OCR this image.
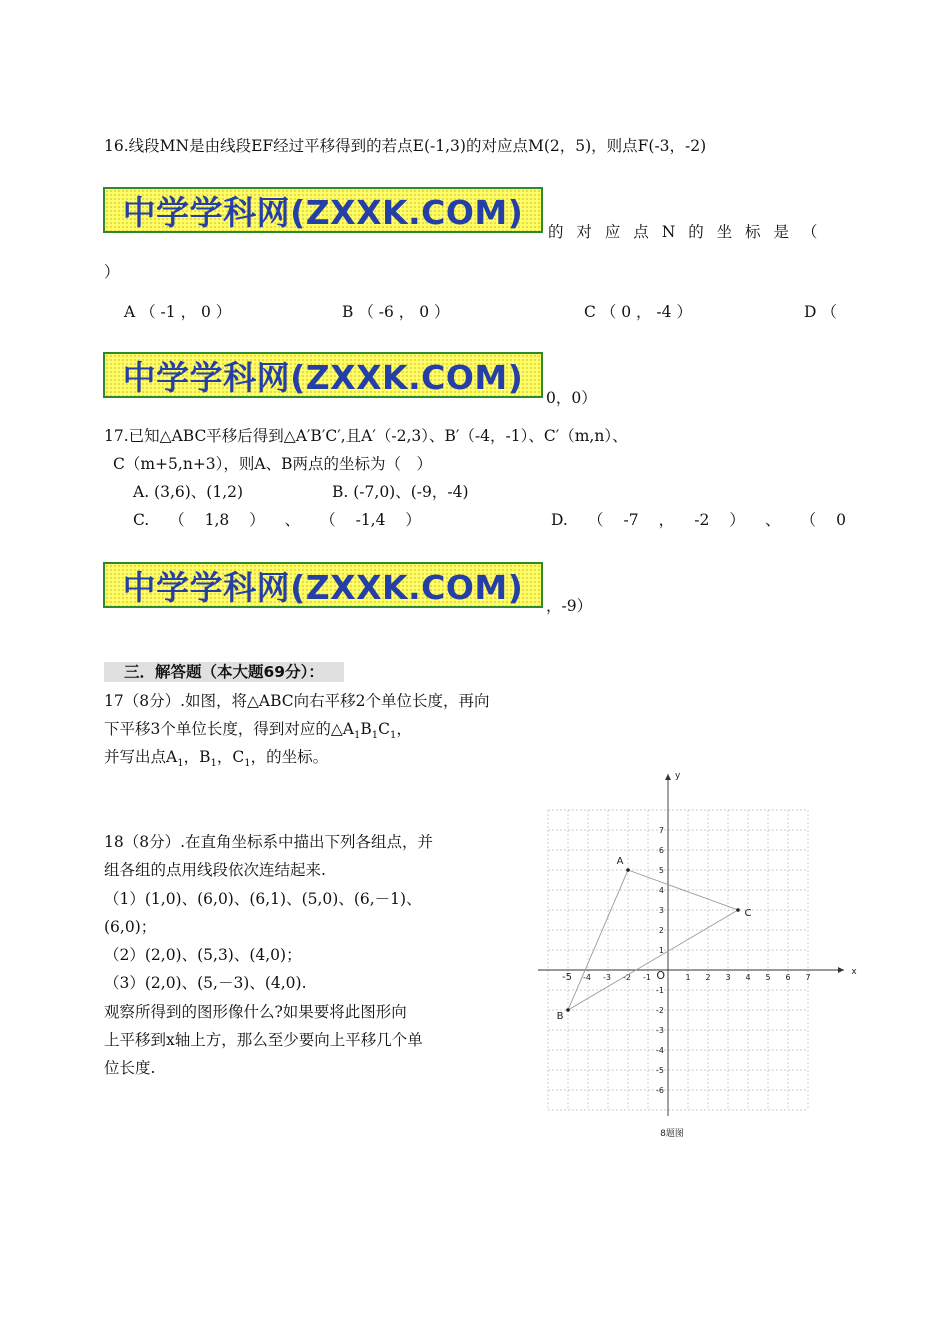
16.线段MN是由线段EF经过平移得到的若点E(-1,3)的对应点M(2，5)，则点F(-3，-2)
中学学科网(ZXXK.COM)
的 对 应 点 N 的 坐 标 是 （
）
A （ -1 ， 0 ）	B （ -6 ， 0 ）	C （ 0 ， -4 ）	D （
中学学科网(ZXXK.COM)
0，0）
17.已知△ABC平移后得到△A′B′C′,且A′（-2,3）、B′（-4，-1）、C′（m,n）、
C（m+5,n+3），则A、B两点的坐标为（　）
A. (3,6)、(1,2)	B. (-7,0)、(-9，-4)
C. （ 1,8 ） 、 （ -1,4 ）	D. （ -7 ， -2 ） 、 （ 0
中学学科网(ZXXK.COM) ，-9）
三．解答题（本大题69分）：
17（8分）.如图，将△ABC向右平移2个单位长度，再向
下平移3个单位长度，得到对应的$\triangle A_1B_1C_1$，
并写出点$A_1$，$B_1$，$C_1$，的坐标。
18（8分）.在直角坐标系中描出下列各组点，并
组各组的点用线段依次连结起来.
（1）(1,0)、(6,0)、(6,1)、(5,0)、(6,－1)、
(6,0)；
（2）(2,0)、(5,3)、(4,0)；
（3）(2,0)、(5,－3)、(4,0).
观察所得到的图形像什么?如果要将此图形向
上平移到x轴上方，那么至少要向上平移几个单
位长度.
x
y
O
-5 -4 -3 -2 -1	1 2 3 4 5 6 7
-6
-5
-4
-3
-2
-1
1
2
3
4
5
6
7
A
B
C
8题图
